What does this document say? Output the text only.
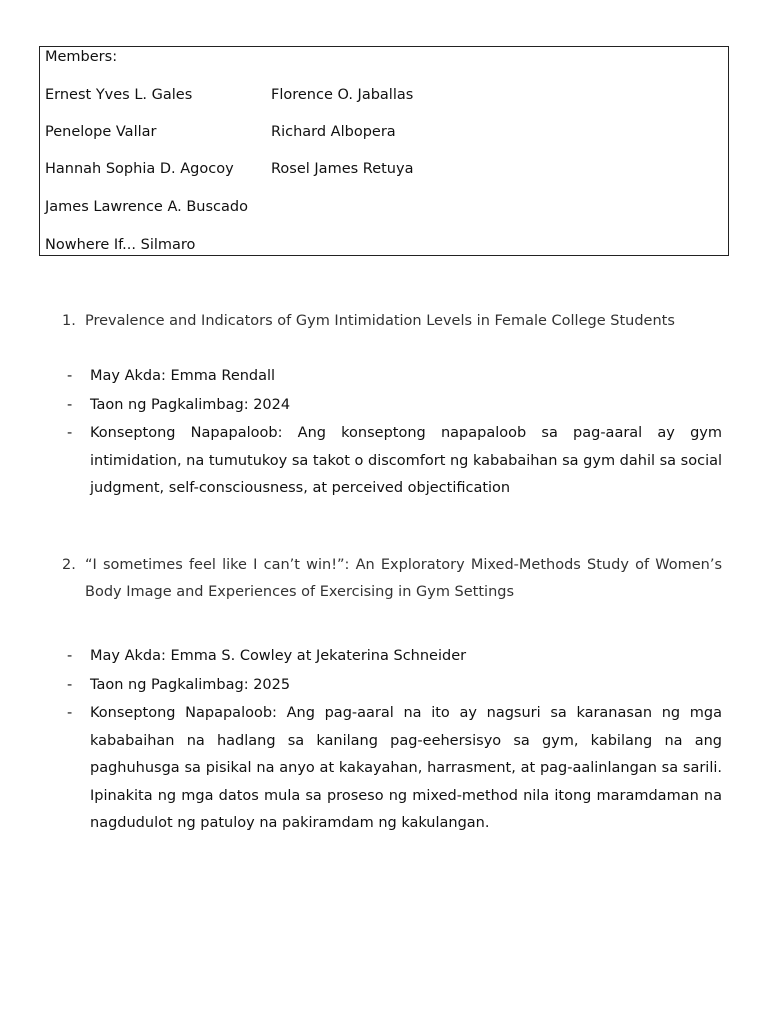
Members:
Ernest Yves L. Gales
Penelope Vallar
Hannah Sophia D. Agocoy
James Lawrence A. Buscado
Nowhere If... Silmaro
Florence O. Jaballas
Richard Albopera
Rosel James Retuya
1. Prevalence and Indicators of Gym Intimidation Levels in Female College Students
- May Akda: Emma Rendall
- Taon ng Pagkalimbag: 2024
- Konseptong Napapaloob: Ang konseptong napapaloob sa pag-aaral ay gym intimidation, na tumutukoy sa takot o discomfort ng kababaihan sa gym dahil sa social judgment, self-consciousness, at perceived objectification
2. “I sometimes feel like I can’t win!”: An Exploratory Mixed-Methods Study of Women’s Body Image and Experiences of Exercising in Gym Settings
- May Akda: Emma S. Cowley at Jekaterina Schneider
- Taon ng Pagkalimbag: 2025
- Konseptong Napapaloob: Ang pag-aaral na ito ay nagsuri sa karanasan ng mga kababaihan na hadlang sa kanilang pag-eehersisyo sa gym, kabilang na ang paghuhusga sa pisikal na anyo at kakayahan, harrasment, at pag-aalinlangan sa sarili. Ipinakita ng mga datos mula sa proseso ng mixed-method nila itong maramdaman na nagdudulot ng patuloy na pakiramdam ng kakulangan.
